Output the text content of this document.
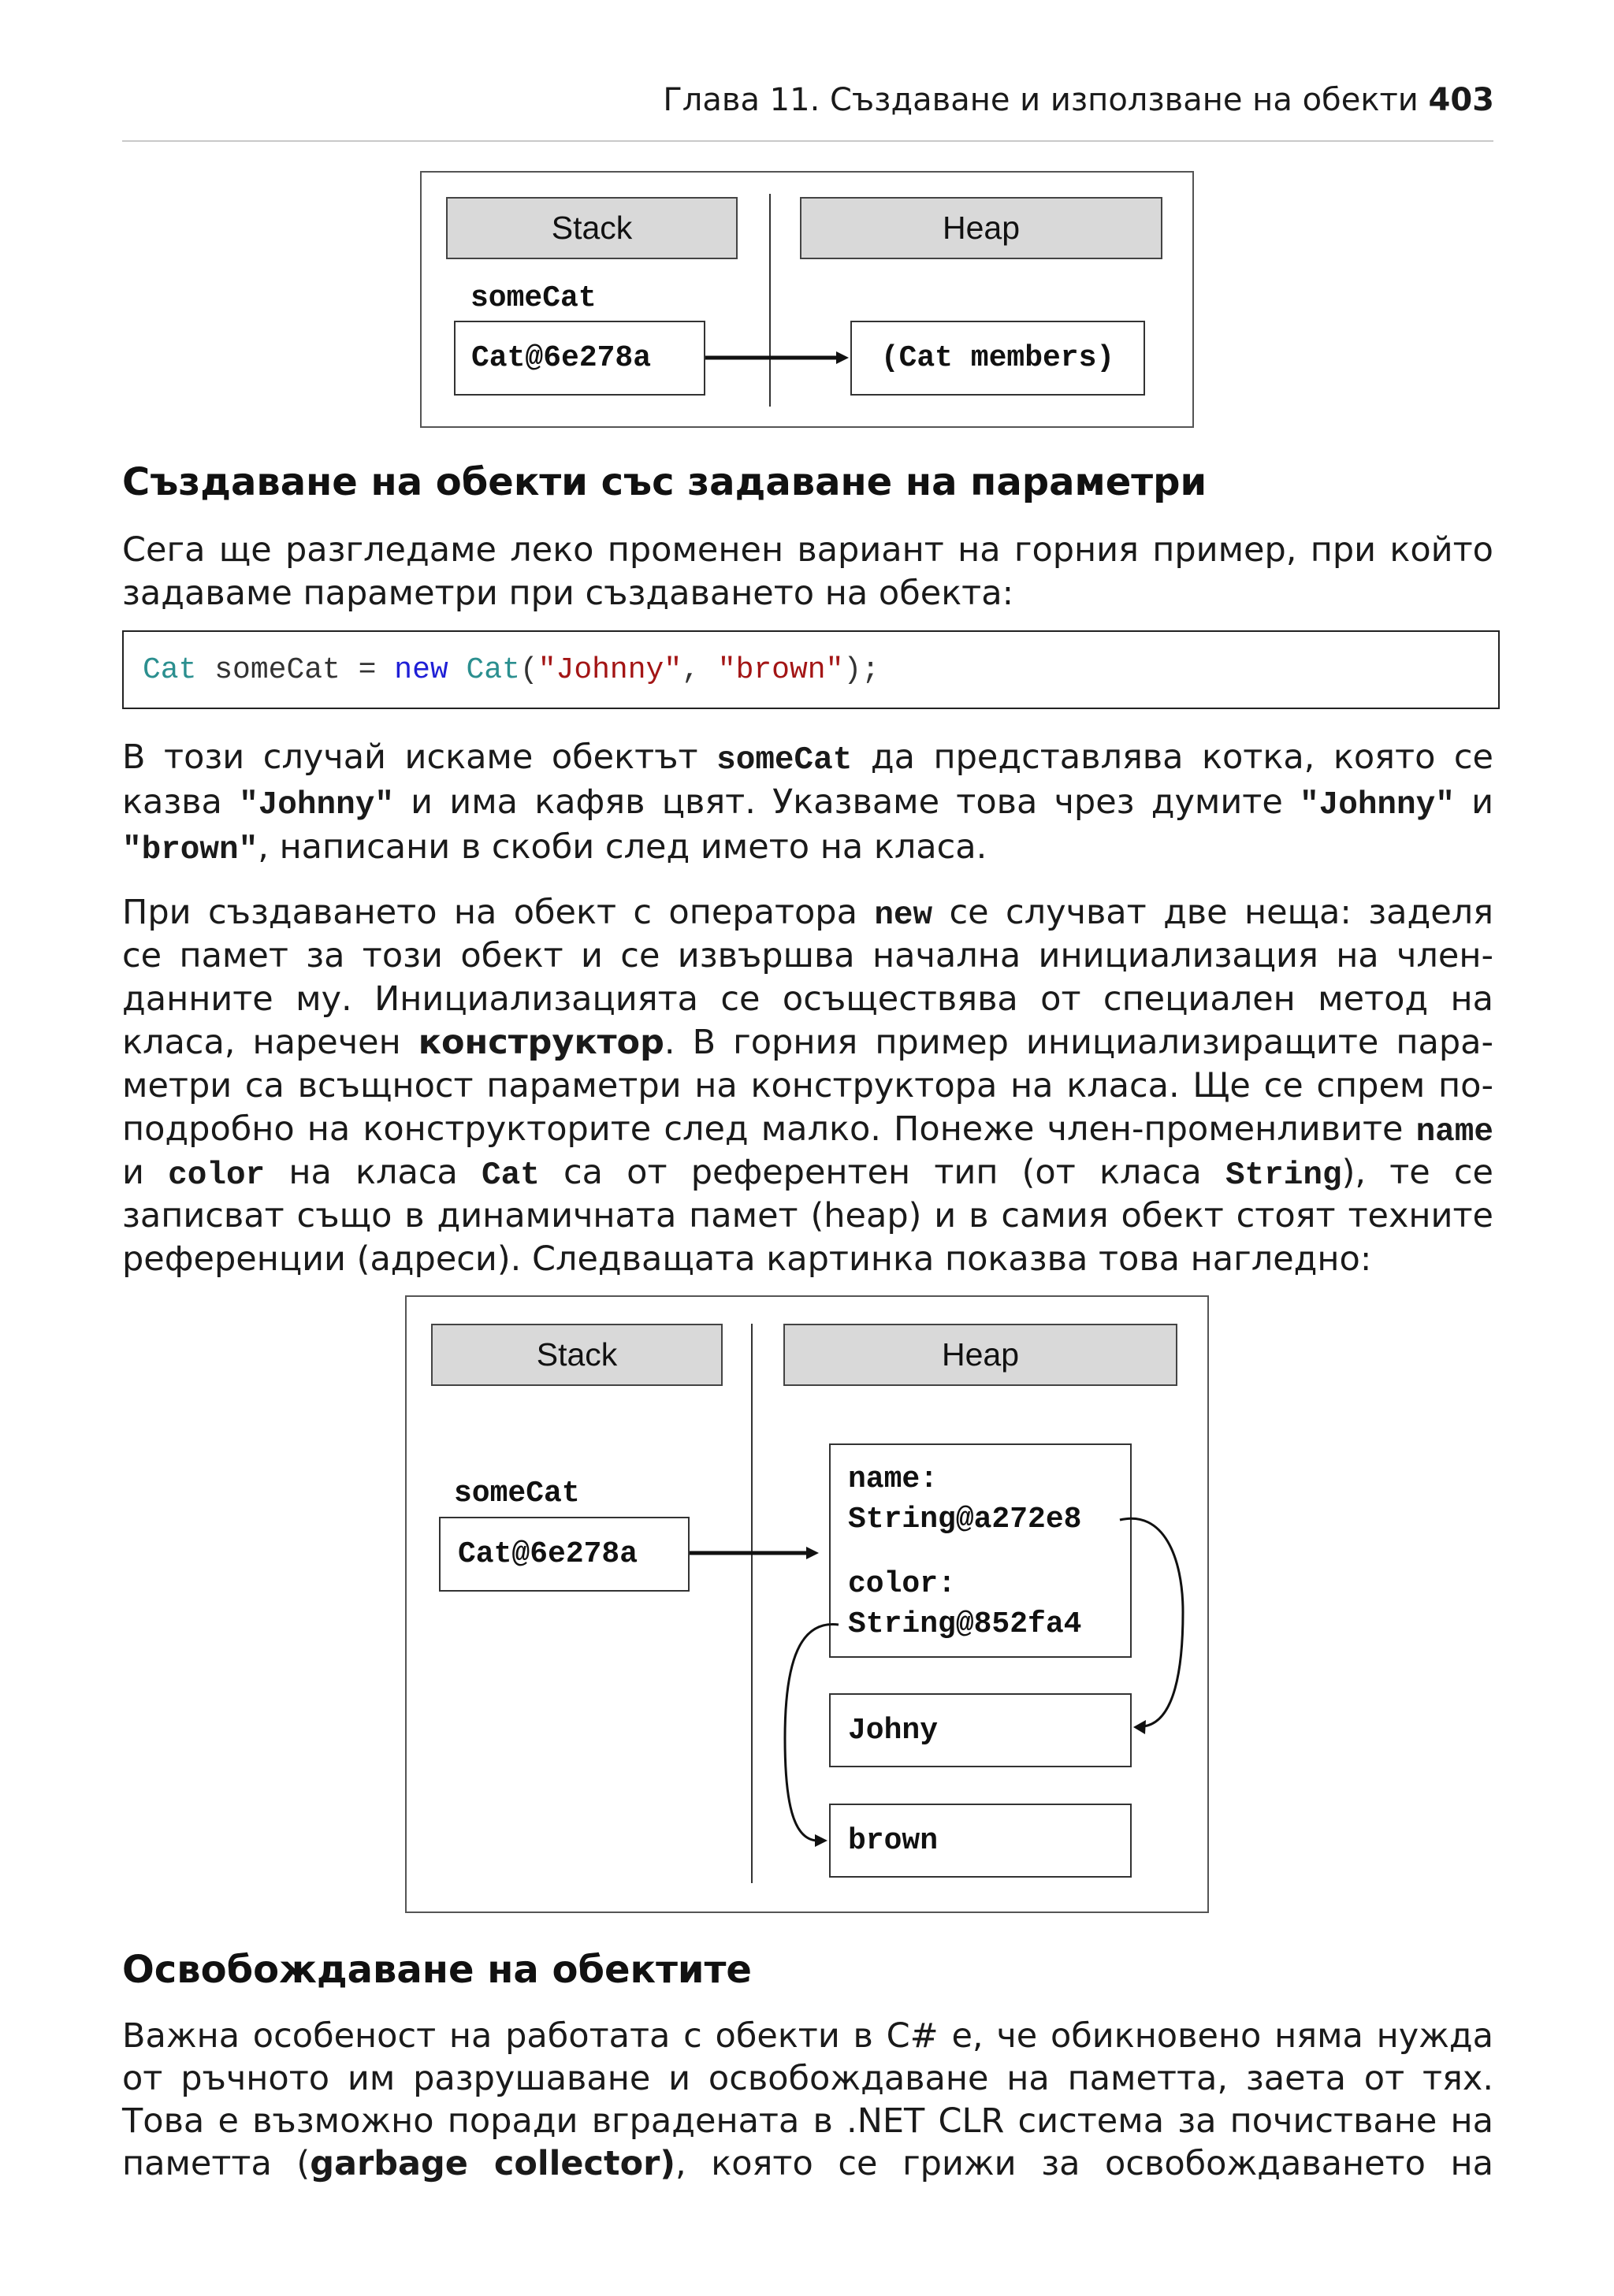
Глава 11. Създаване и използване на обекти 403
Stack	Heap
someCat
Cat@6e278a	(Cat members)
Създаване на обекти със задаване на параметри
Сега ще разгледаме леко променен вариант на горния пример, при който
задаваме параметри при създаването на обекта:
Cat someCat = new Cat ( "Johnny" , "brown" );
В този случай искаме обектът someCat да представлява котка, която се
казва "Johnny" и има кафяв цвят. Указваме това чрез думите "Johnny" и
"brown", написани в скоби след името на класа.
При създаването на обект с оператора new се случват две неща: заделя
се памет за този обект и се извършва начална инициализация на член-
данните му. Инициализацията се осъществява от специален метод на
класа, наречен конструктор. В горния пример инициализиращите пара-
метри са всъщност параметри на конструктора на класа. Ще се спрем по-
подробно на конструкторите след малко. Понеже член-променливите name
и color на класа Cat са от референтен тип (от класа String), те се
записват също в динамичната памет (heap) и в самия обект стоят техните
референции (адреси). Следващата картинка показва това нагледно:
Stack	Heap
someCat
Cat@6e278a
name:
String@a272e8
color:
String@852fa4
Johny
brown
Освобождаване на обектите
Важна особеност на работата с обекти в C# е, че обикновено няма нужда
от ръчното им разрушаване и освобождаване на паметта, заета от тях.
Това е възможно поради вградената в .NET CLR система за почистване на
паметта (garbage collector), която се грижи за освобождаването на
